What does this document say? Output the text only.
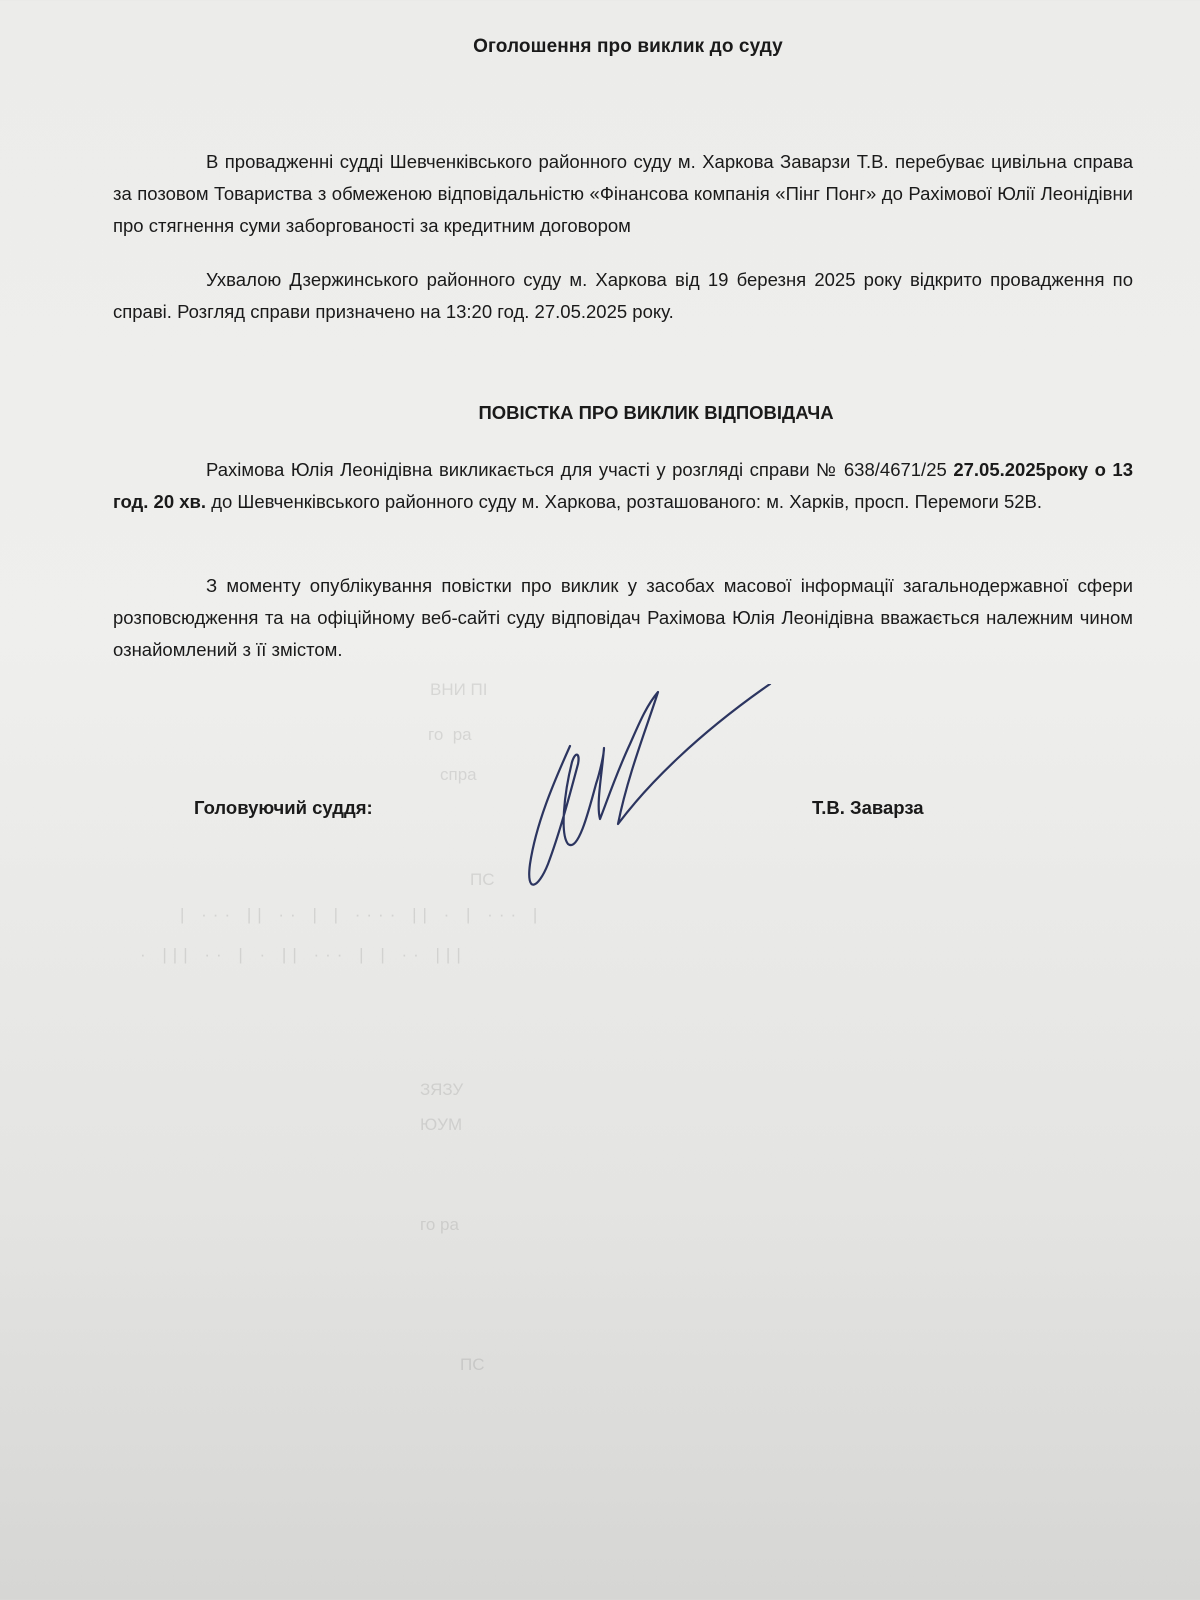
го  ра
спра
ВНИ ПІ
ПС
| ··· || ·· | | ···· || · | ··· |
· ||| ·· | · || ··· | | ·· |||
ЗЯЗУ
ЮУМ
го ра
ПС
Оголошення про виклик до суду

В провадженні судді Шевченківського районного суду м. Харкова Заварзи Т.В. перебуває цивільна справа за позовом Товариства з обмеженою відповідальністю «Фінансова компанія «Пінг Понг» до Рахімової Юлії Леонідівни про стягнення суми заборгованості за кредитним договором

Ухвалою Дзержинського районного суду м. Харкова від 19 березня 2025 року відкрито провадження по справі. Розгляд справи призначено на 13:20 год. 27.05.2025 року.

ПОВІСТКА ПРО ВИКЛИК ВІДПОВІДАЧА

Рахімова Юлія Леонідівна викликається для участі у розгляді справи № 638/4671/25 27.05.2025року о 13 год. 20 хв. до Шевченківського районного суду м. Харкова, розташованого: м. Харків, просп. Перемоги 52В.

З моменту опублікування повістки про виклик у засобах масової інформації загальнодержавної сфери розповсюдження та на офіційному веб-сайті суду відповідач Рахімова Юлія Леонідівна вважається належним чином ознайомлений з її змістом.

Головуючий суддя:	Т.В. Заварза
